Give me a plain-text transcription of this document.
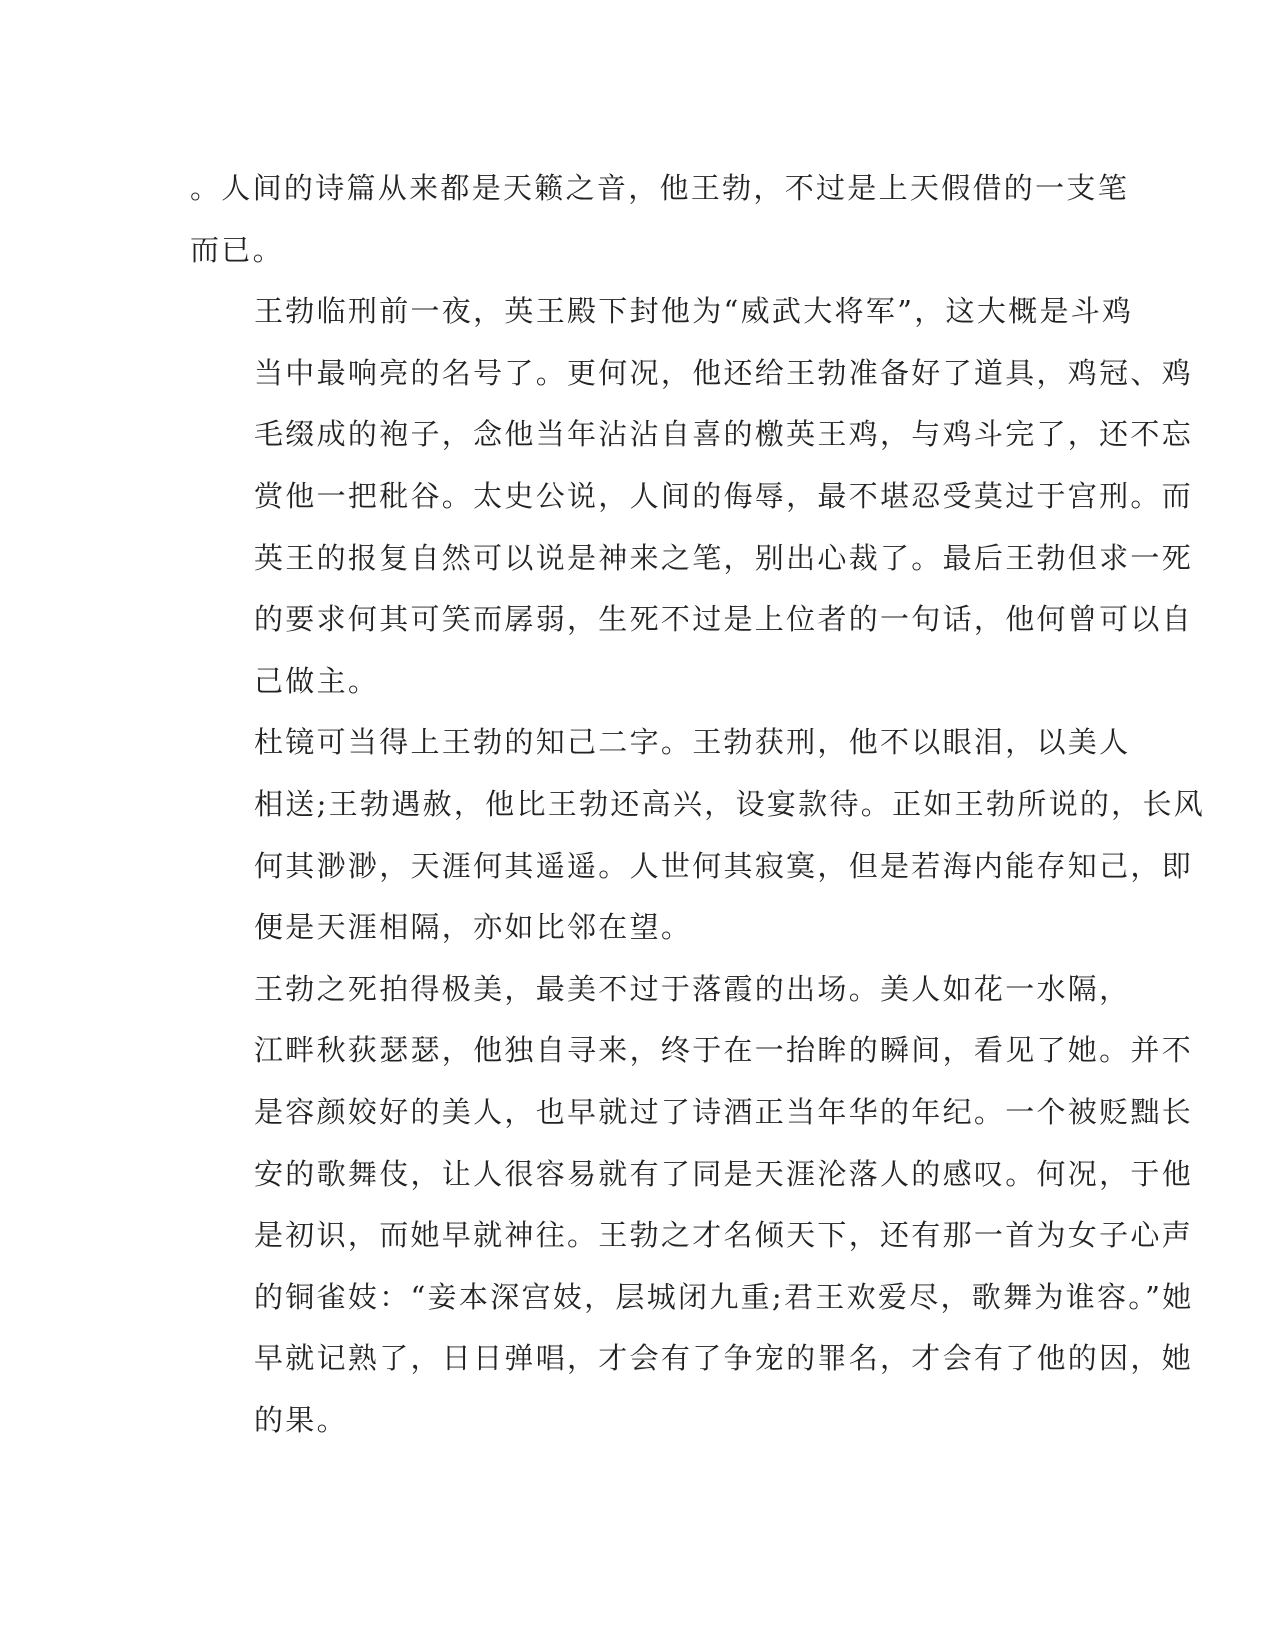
。人间的诗篇从来都是天籁之音，他王勃，不过是上天假借的一支笔
而已。

王勃临刑前一夜，英王殿下封他为“威武大将军”，这大概是斗鸡
当中最响亮的名号了。更何况，他还给王勃准备好了道具，鸡冠、鸡
毛缀成的袍子，念他当年沾沾自喜的檄英王鸡，与鸡斗完了，还不忘
赏他一把秕谷。太史公说，人间的侮辱，最不堪忍受莫过于宫刑。而
英王的报复自然可以说是神来之笔，别出心裁了。最后王勃但求一死
的要求何其可笑而孱弱，生死不过是上位者的一句话，他何曾可以自
己做主。

杜镜可当得上王勃的知己二字。王勃获刑，他不以眼泪，以美人
相送;王勃遇赦，他比王勃还高兴，设宴款待。正如王勃所说的，长风
何其渺渺，天涯何其遥遥。人世何其寂寞，但是若海内能存知己，即
便是天涯相隔，亦如比邻在望。

王勃之死拍得极美，最美不过于落霞的出场。美人如花一水隔，
江畔秋荻瑟瑟，他独自寻来，终于在一抬眸的瞬间，看见了她。并不
是容颜姣好的美人，也早就过了诗酒正当年华的年纪。一个被贬黜长
安的歌舞伎，让人很容易就有了同是天涯沦落人的感叹。何况，于他
是初识，而她早就神往。王勃之才名倾天下，还有那一首为女子心声
的铜雀妓：“妾本深宫妓，层城闭九重;君王欢爱尽，歌舞为谁容。”她
早就记熟了，日日弹唱，才会有了争宠的罪名，才会有了他的因，她
的果。
